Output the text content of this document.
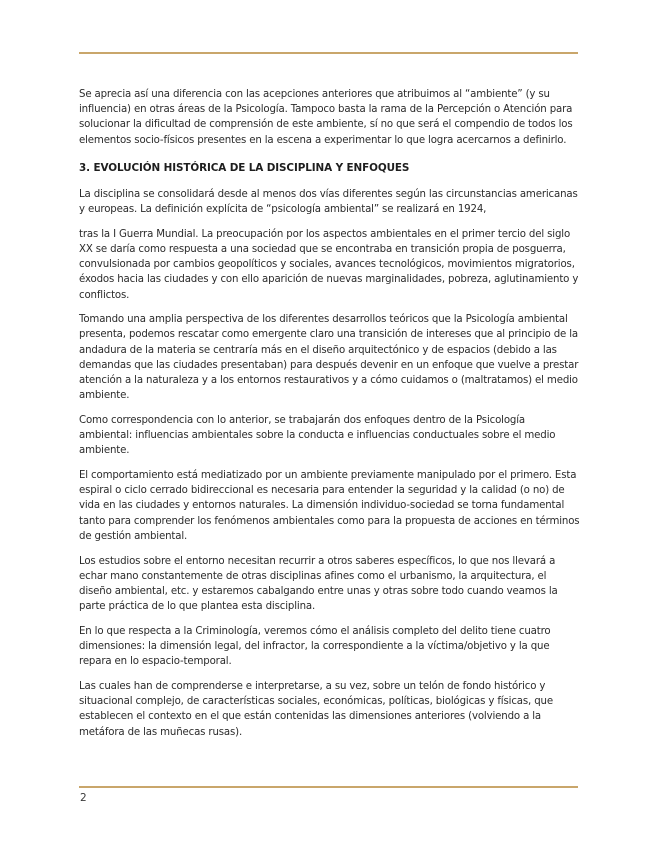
Se aprecia así una diferencia con las acepciones anteriores que atribuimos al “ambiente” (y su influencia) en otras áreas de la Psicología. Tampoco basta la rama de la Percepción o Atención para solucionar la dificultad de comprensión de este ambiente, sí no que será el compendio de todos los elementos socio-físicos presentes en la escena a experimentar lo que logra acercarnos a definirlo.

3. EVOLUCIÓN HISTÓRICA DE LA DISCIPLINA Y ENFOQUES

La disciplina se consolidará desde al menos dos vías diferentes según las circunstancias americanas y europeas. La definición explícita de “psicología ambiental” se realizará en 1924,

tras la I Guerra Mundial. La preocupación por los aspectos ambientales en el primer tercio del siglo XX se daría como respuesta a una sociedad que se encontraba en transición propia de posguerra, convulsionada por cambios geopolíticos y sociales, avances tecnológicos, movimientos migratorios, éxodos hacia las ciudades y con ello aparición de nuevas marginalidades, pobreza, aglutinamiento y conflictos.

Tomando una amplia perspectiva de los diferentes desarrollos teóricos que la Psicología ambiental presenta, podemos rescatar como emergente claro una transición de intereses que al principio de la andadura de la materia se centraría más en el diseño arquitectónico y de espacios (debido a las demandas que las ciudades presentaban) para después devenir en un enfoque que vuelve a prestar atención a la naturaleza y a los entornos restaurativos y a cómo cuidamos o (maltratamos) el medio ambiente.

Como correspondencia con lo anterior, se trabajarán dos enfoques dentro de la Psicología ambiental: influencias ambientales sobre la conducta e influencias conductuales sobre el medio ambiente.

El comportamiento está mediatizado por un ambiente previamente manipulado por el primero. Esta espiral o ciclo cerrado bidireccional es necesaria para entender la seguridad y la calidad (o no) de vida en las ciudades y entornos naturales. La dimensión individuo-sociedad se torna fundamental tanto para comprender los fenómenos ambientales como para la propuesta de acciones en términos de gestión ambiental.

Los estudios sobre el entorno necesitan recurrir a otros saberes específicos, lo que nos llevará a echar mano constantemente de otras disciplinas afines como el urbanismo, la arquitectura, el diseño ambiental, etc. y estaremos cabalgando entre unas y otras sobre todo cuando veamos la parte práctica de lo que plantea esta disciplina.

En lo que respecta a la Criminología, veremos cómo el análisis completo del delito tiene cuatro dimensiones: la dimensión legal, del infractor, la correspondiente a la víctima/objetivo y la que repara en lo espacio-temporal.

Las cuales han de comprenderse e interpretarse, a su vez, sobre un telón de fondo histórico y situacional complejo, de características sociales, económicas, políticas, biológicas y físicas, que establecen el contexto en el que están contenidas las dimensiones anteriores (volviendo a la metáfora de las muñecas rusas).

2
